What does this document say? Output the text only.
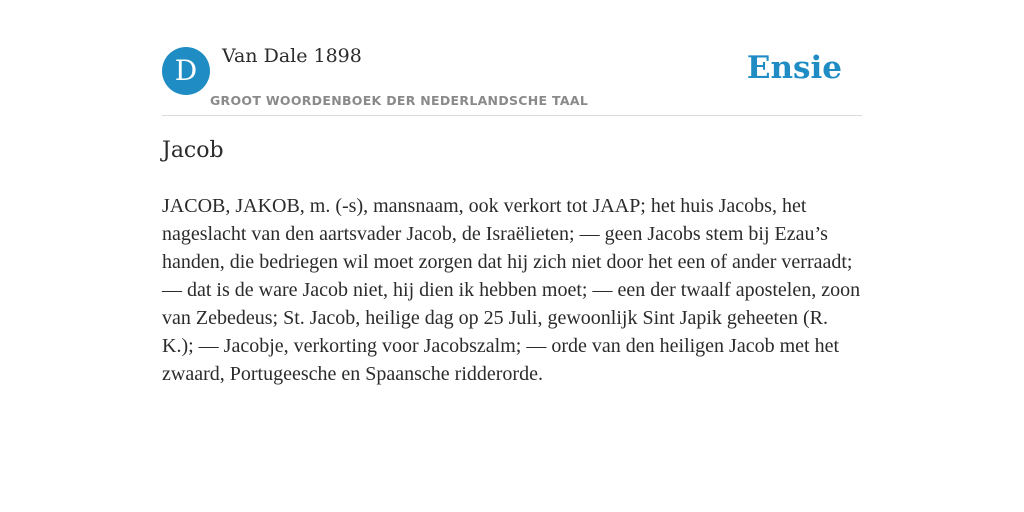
D Van Dale 1898
GROOT WOORDENBOEK DER NEDERLANDSCHE TAAL
Ensie
Jacob

JACOB, JAKOB, m. (-s), mansnaam, ook verkort tot JAAP; het huis Jacobs, het nageslacht van den aartsvader Jacob, de Israëlieten; — geen Jacobs stem bij Ezau’s handen, die bedriegen wil moet zorgen dat hij zich niet door het een of ander verraadt; — dat is de ware Jacob niet, hij dien ik hebben moet; — een der twaalf apostelen, zoon van Zebedeus; St. Jacob, heilige dag op 25 Juli, gewoonlijk Sint Japik geheeten (R. K.); — Jacobje, verkorting voor Jacobszalm; — orde van den heiligen Jacob met het zwaard, Portugeesche en Spaansche ridderorde.
